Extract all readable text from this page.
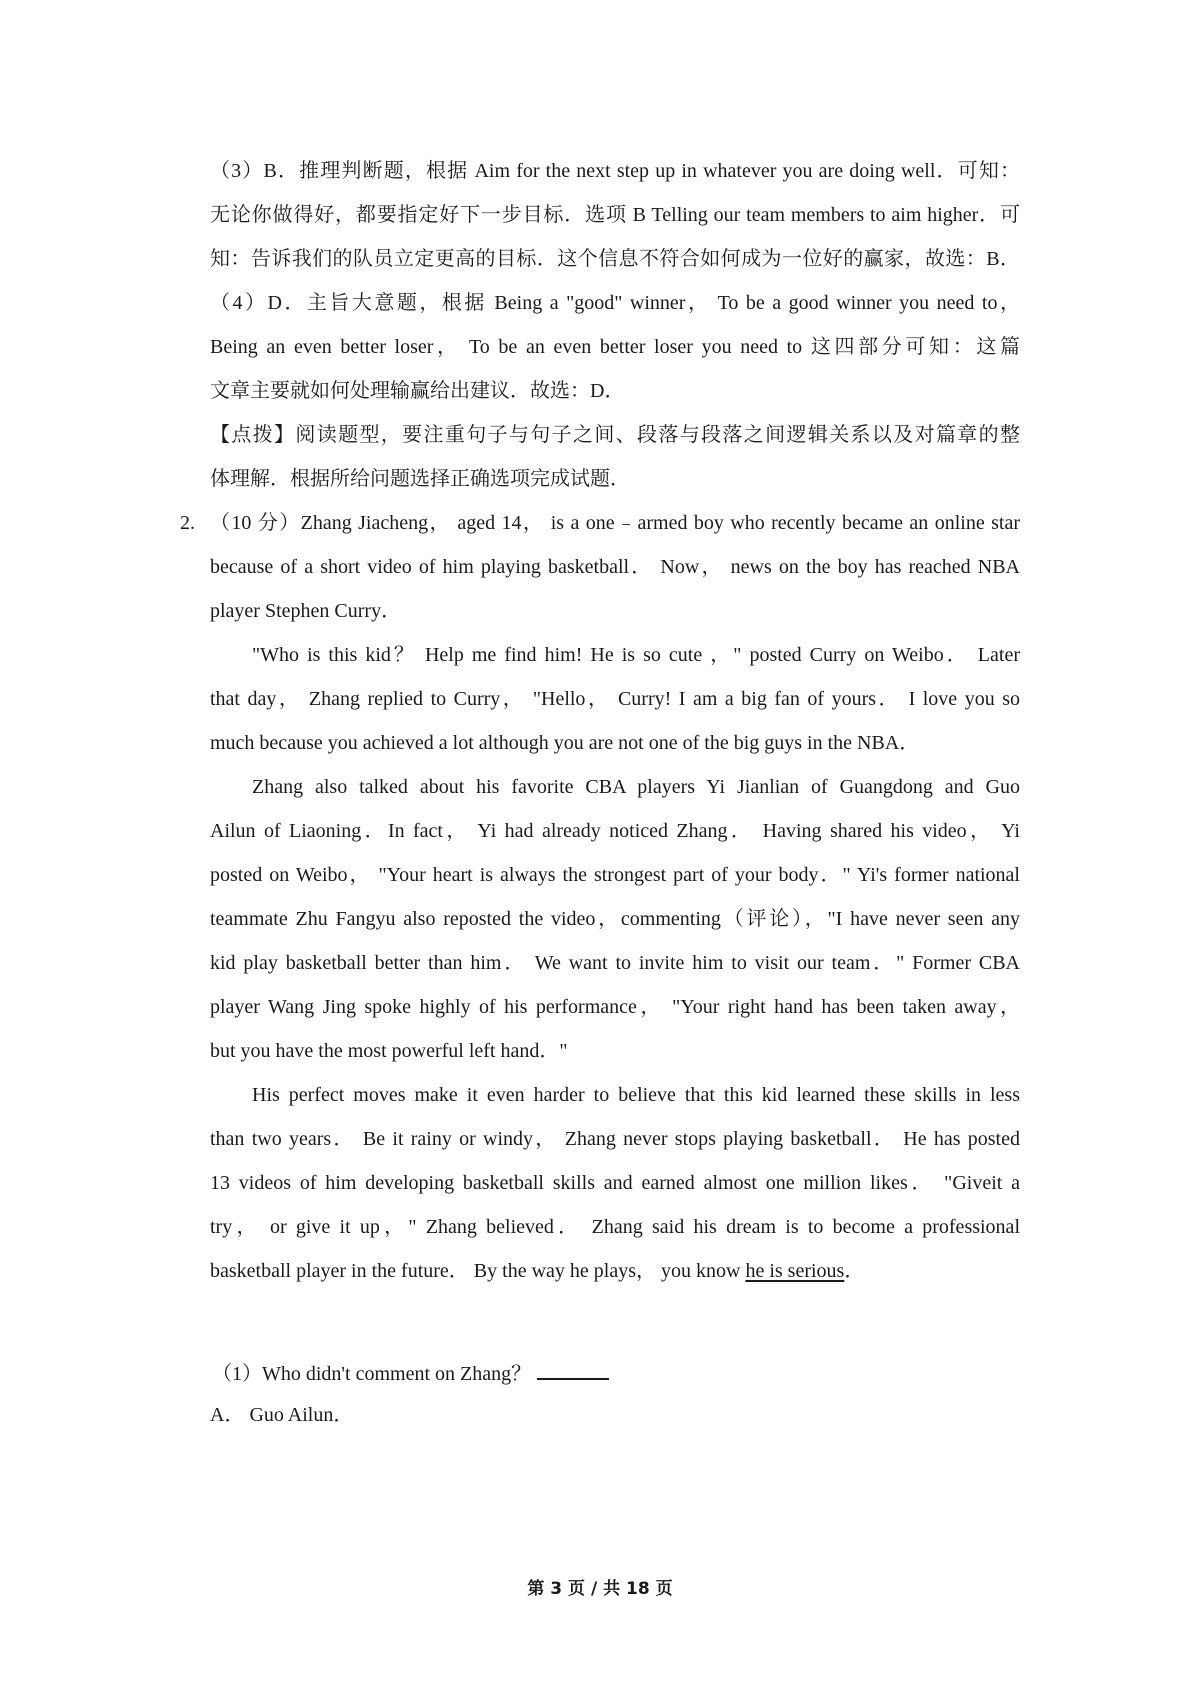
（3）B．推理判断题，根据 Aim for the next step up in whatever you are doing well．可知：
无论你做得好，都要指定好下一步目标．选项 B Telling our team members to aim higher．可
知：告诉我们的队员立定更高的目标．这个信息不符合如何成为一位好的赢家，故选：B．
（4）D．主旨大意题，根据 Being a "good" winner， To be a good winner you need to，
Being an even better loser， To be an even better loser you need to 这四部分可知：这篇
文章主要就如何处理输赢给出建议．故选：D．
【点拨】阅读题型，要注重句子与句子之间、段落与段落之间逻辑关系以及对篇章的整
体理解．根据所给问题选择正确选项完成试题．
2. （10 分）Zhang Jiacheng， aged 14， is a one﹣armed boy who recently became an online star
because of a short video of him playing basketball． Now， news on the boy has reached NBA
player Stephen Curry．
"Who is this kid？ Help me find him! He is so cute ，" posted Curry on Weibo． Later
that day， Zhang replied to Curry， "Hello， Curry! I am a big fan of yours． I love you so
much because you achieved a lot although you are not one of the big guys in the NBA．
Zhang also talked about his favorite CBA players Yi Jianlian of Guangdong and Guo
Ailun of Liaoning．In fact， Yi had already noticed Zhang． Having shared his video， Yi
posted on Weibo， "Your heart is always the strongest part of your body．" Yi's former national
teammate Zhu Fangyu also reposted the video，commenting（评论），"I have never seen any
kid play basketball better than him． We want to invite him to visit our team．" Former CBA
player Wang Jing spoke highly of his performance， "Your right hand has been taken away，
but you have the most powerful left hand．"
His perfect moves make it even harder to believe that this kid learned these skills in less
than two years． Be it rainy or windy， Zhang never stops playing basketball． He has posted
13 videos of him developing basketball skills and earned almost one million likes． "Giveit a
try， or give it up，" Zhang believed． Zhang said his dream is to become a professional
basketball player in the future． By the way he plays， you know he is serious．
（1）Who didn't comment on Zhang？
A． Guo Ailun．
第 3 页 / 共 18 页
